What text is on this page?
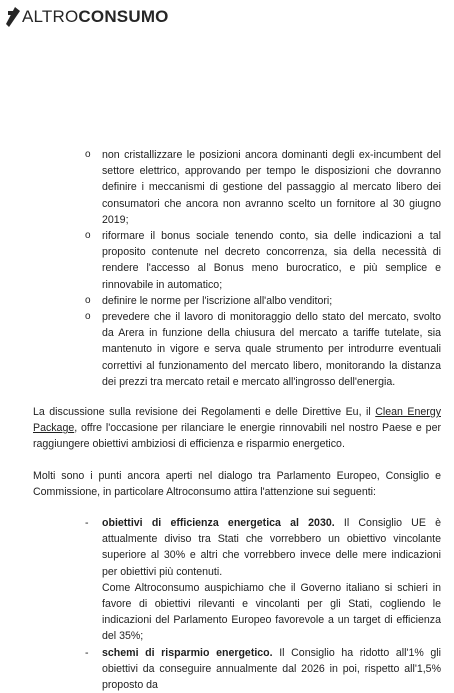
ALTROCONSUMO
o non cristallizzare le posizioni ancora dominanti degli ex-incumbent del settore elettrico, approvando per tempo le disposizioni che dovranno definire i meccanismi di gestione del passaggio al mercato libero dei consumatori che ancora non avranno scelto un fornitore al 30 giugno 2019;
o riformare il bonus sociale tenendo conto, sia delle indicazioni a tal proposito contenute nel decreto concorrenza, sia della necessità di rendere l'accesso al Bonus meno burocratico, e più semplice e rinnovabile in automatico;
o definire le norme per l'iscrizione all'albo venditori;
o prevedere che il lavoro di monitoraggio dello stato del mercato, svolto da Arera in funzione della chiusura del mercato a tariffe tutelate, sia mantenuto in vigore e serva quale strumento per introdurre eventuali correttivi al funzionamento del mercato libero, monitorando la distanza dei prezzi tra mercato retail e mercato all'ingrosso dell'energia.

La discussione sulla revisione dei Regolamenti e delle Direttive Eu, il Clean Energy Package, offre l'occasione per rilanciare le energie rinnovabili nel nostro Paese e per raggiungere obiettivi ambiziosi di efficienza e risparmio energetico.

Molti sono i punti ancora aperti nel dialogo tra Parlamento Europeo, Consiglio e Commissione, in particolare Altroconsumo attira l'attenzione sui seguenti:

- obiettivi di efficienza energetica al 2030. Il Consiglio UE è attualmente diviso tra Stati che vorrebbero un obiettivo vincolante superiore al 30% e altri che vorrebbero invece delle mere indicazioni per obiettivi più contenuti.
Come Altroconsumo auspichiamo che il Governo italiano si schieri in favore di obiettivi rilevanti e vincolanti per gli Stati, cogliendo le indicazioni del Parlamento Europeo favorevole a un target di efficienza del 35%;
- schemi di risparmio energetico. Il Consiglio ha ridotto all'1% gli obiettivi da conseguire annualmente dal 2026 in poi, rispetto all'1,5% proposto da
